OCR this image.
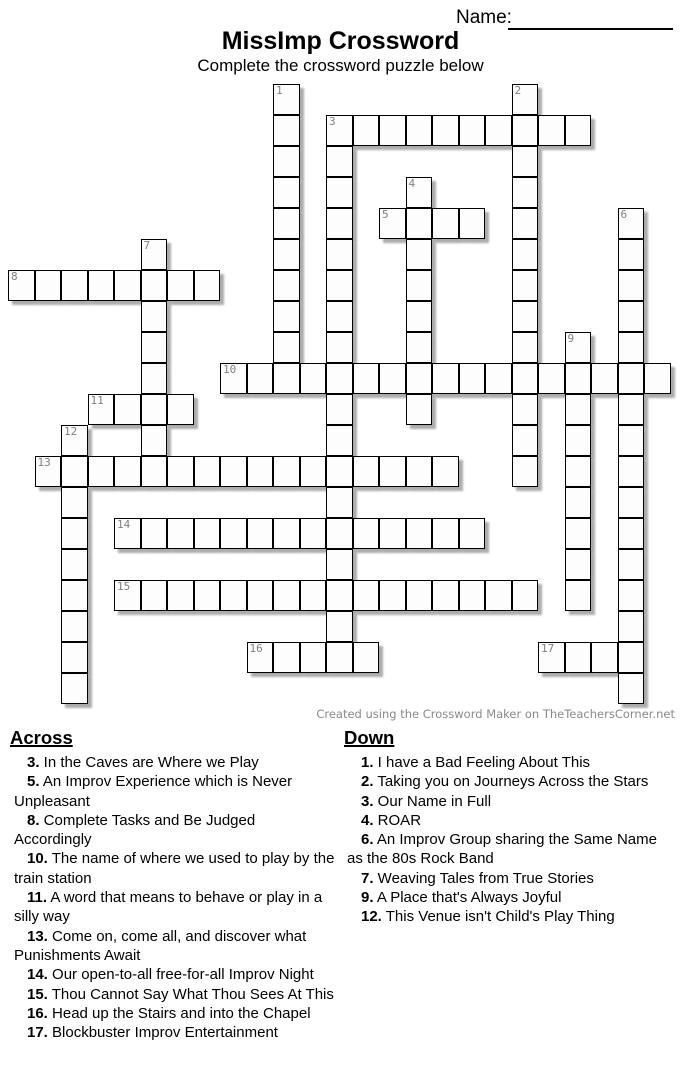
Name:
MissImp Crossword
Complete the crossword puzzle below
1	2
3
4
5	6
7
8
9
10
11
12
13
14
15
16	17
Created using the Crossword Maker on TheTeachersCorner.net
Across
3. In the Caves are Where we Play
5. An Improv Experience which is Never Unpleasant
8. Complete Tasks and Be Judged Accordingly
10. The name of where we used to play by the train station
11. A word that means to behave or play in a silly way
13. Come on, come all, and discover what Punishments Await
14. Our open-to-all free-for-all Improv Night
15. Thou Cannot Say What Thou Sees At This
16. Head up the Stairs and into the Chapel
17. Blockbuster Improv Entertainment
Down
1. I have a Bad Feeling About This
2. Taking you on Journeys Across the Stars
3. Our Name in Full
4. ROAR
6. An Improv Group sharing the Same Name as the 80s Rock Band
7. Weaving Tales from True Stories
9. A Place that's Always Joyful
12. This Venue isn't Child's Play Thing
